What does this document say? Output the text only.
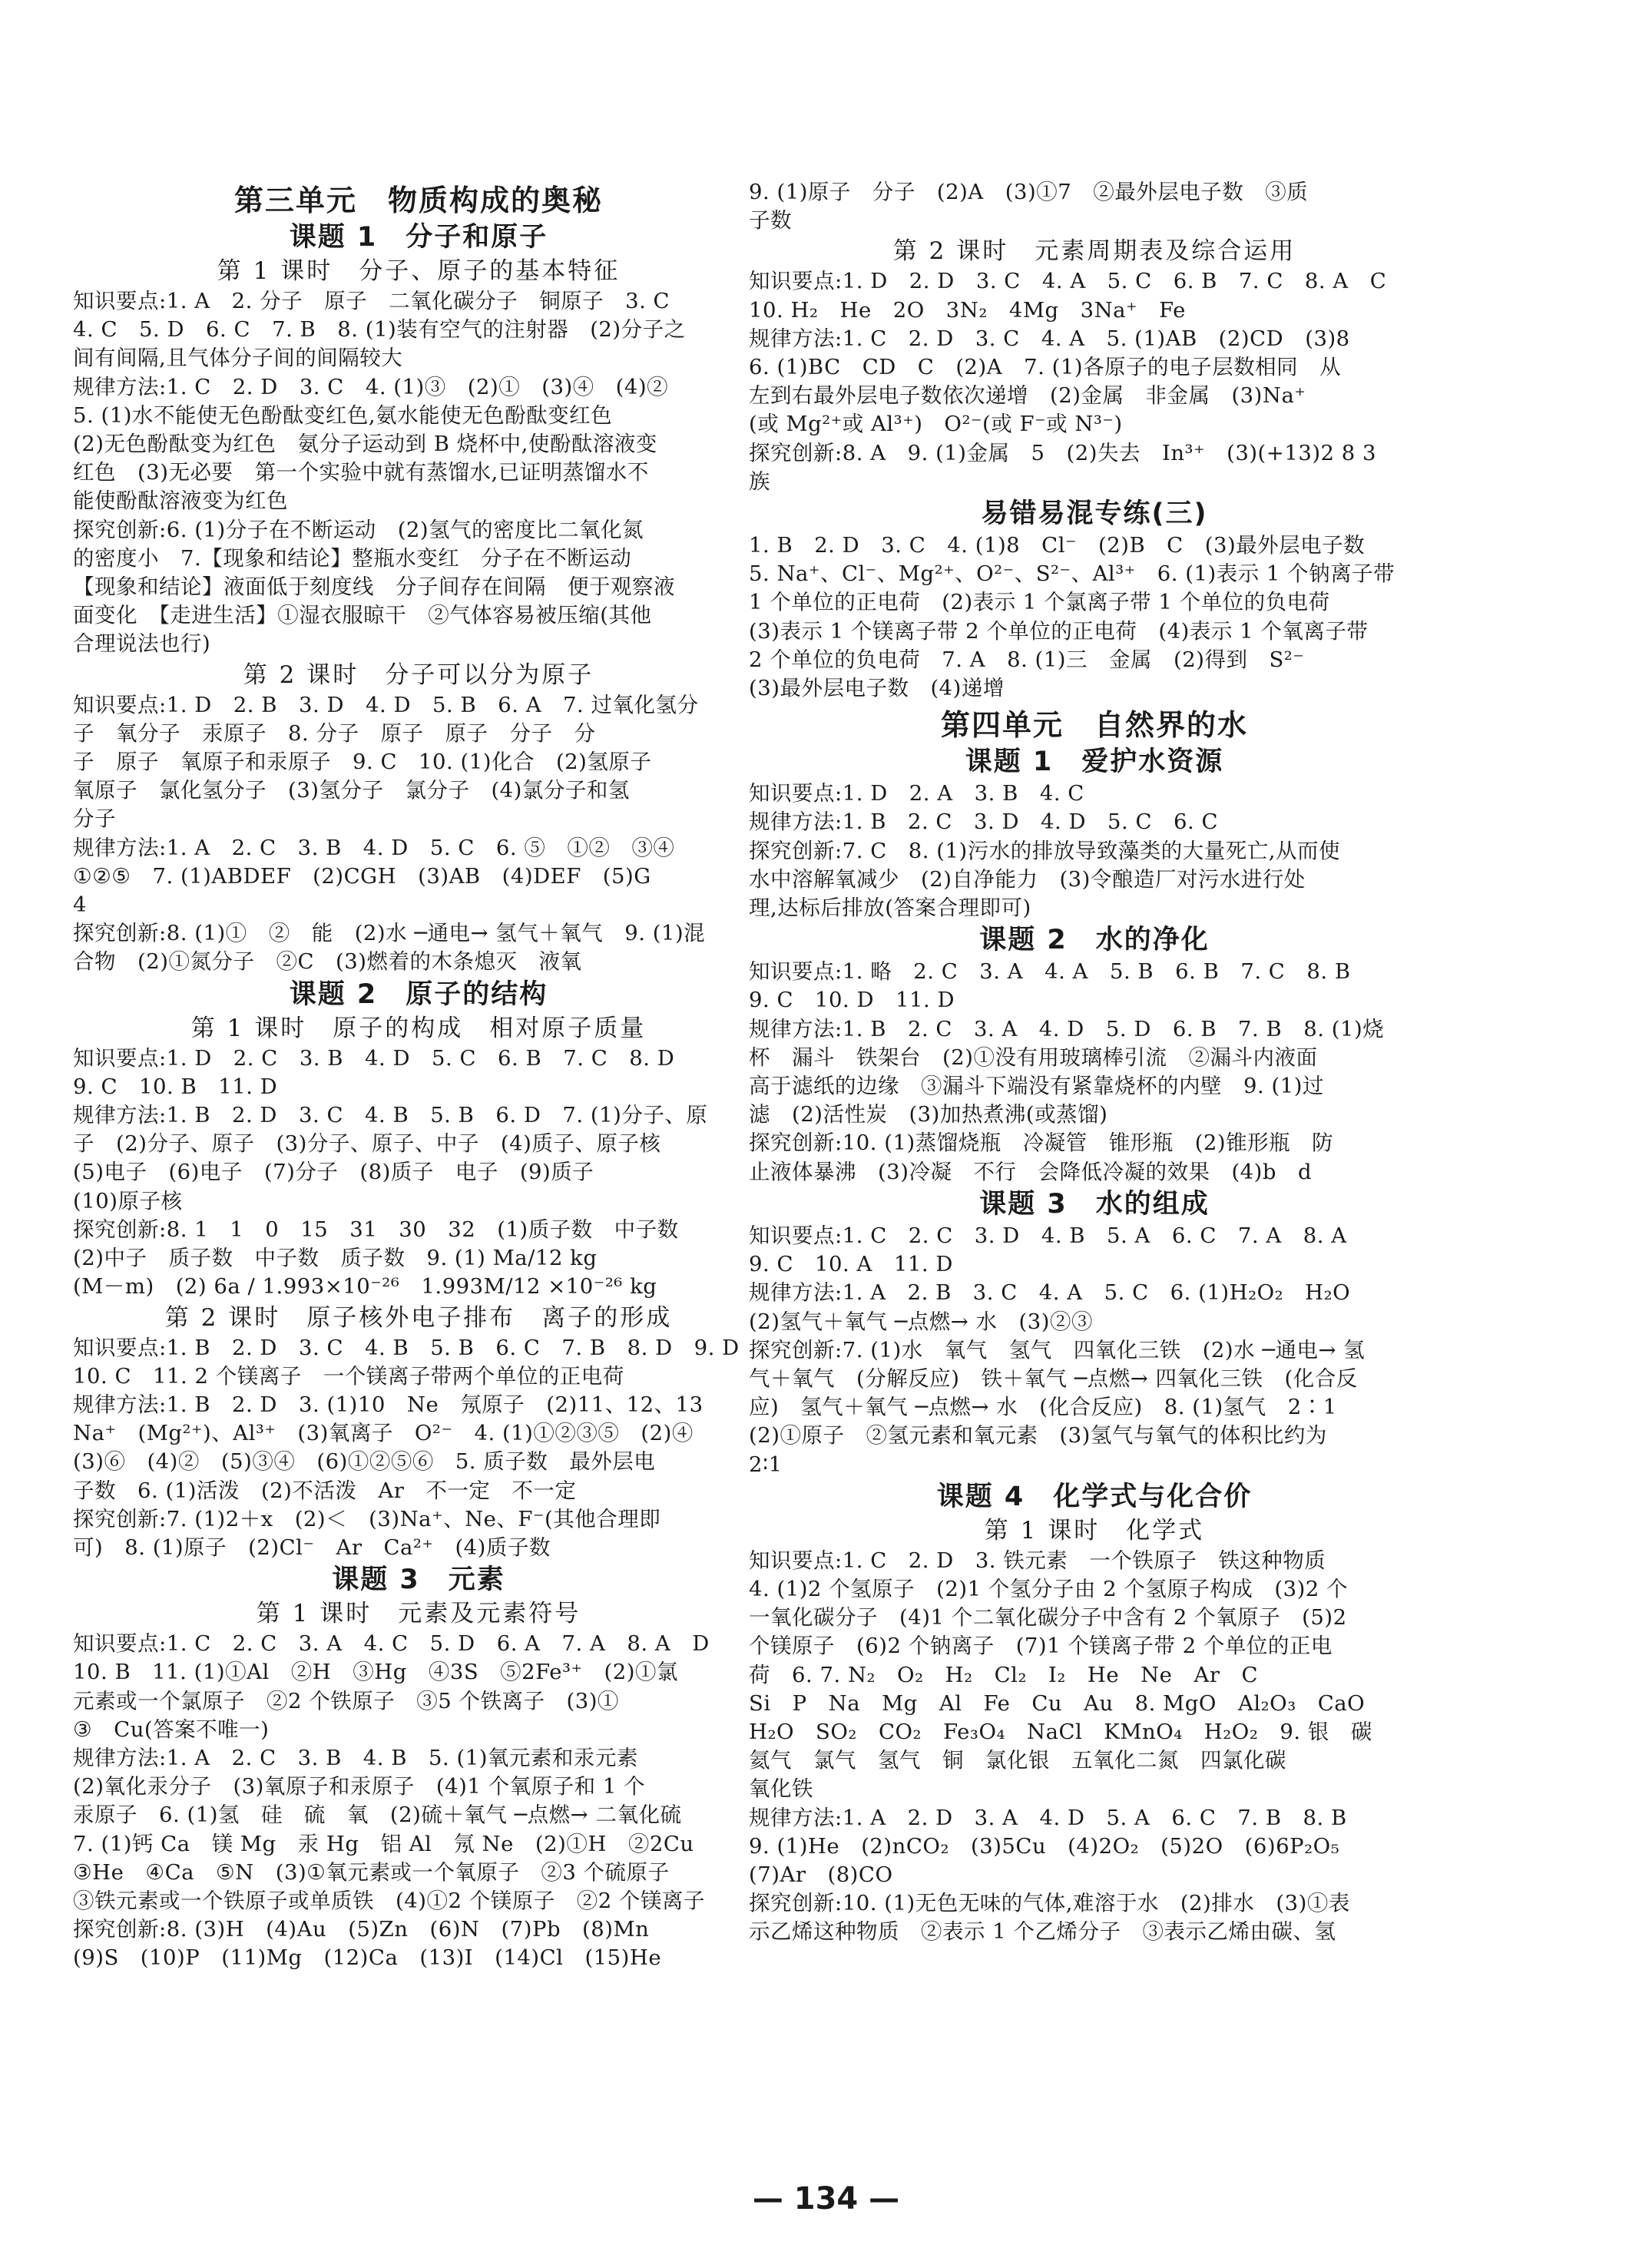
第三单元　物质构成的奥秘
课题 1　分子和原子
第 1 课时　分子、原子的基本特征
知识要点:1. A　2. 分子　原子　二氧化碳分子　铜原子　3. C
4. C　5. D　6. C　7. B　8. (1)装有空气的注射器　(2)分子之
间有间隔,且气体分子间的间隔较大
规律方法:1. C　2. D　3. C　4. (1)③　(2)①　(3)④　(4)②
5. (1)水不能使无色酚酞变红色,氨水能使无色酚酞变红色
(2)无色酚酞变为红色　氨分子运动到 B 烧杯中,使酚酞溶液变
红色　(3)无必要　第一个实验中就有蒸馏水,已证明蒸馏水不
能使酚酞溶液变为红色
探究创新:6. (1)分子在不断运动　(2)氢气的密度比二氧化氮
的密度小　7.【现象和结论】整瓶水变红　分子在不断运动
【现象和结论】液面低于刻度线　分子间存在间隔　便于观察液
面变化　【走进生活】①湿衣服晾干　②气体容易被压缩(其他
合理说法也行)
第 2 课时　分子可以分为原子
知识要点:1. D　2. B　3. D　4. D　5. B　6. A　7. 过氧化氢分
子　氧分子　汞原子　8. 分子　原子　原子　分子　分
子　原子　氧原子和汞原子　9. C　10. (1)化合　(2)氢原子
氧原子　氯化氢分子　(3)氢分子　氯分子　(4)氯分子和氢
分子
规律方法:1. A　2. C　3. B　4. D　5. C　6. ⑤　①②　③④
①②⑤　7. (1)ABDEF　(2)CGH　(3)AB　(4)DEF　(5)G
4
探究创新:8. (1)①　②　能　(2)水 ─通电→ 氢气＋氧气　9. (1)混
合物　(2)①氮分子　②C　(3)燃着的木条熄灭　液氧
课题 2　原子的结构
第 1 课时　原子的构成　相对原子质量
知识要点:1. D　2. C　3. B　4. D　5. C　6. B　7. C　8. D
9. C　10. B　11. D
规律方法:1. B　2. D　3. C　4. B　5. B　6. D　7. (1)分子、原
子　(2)分子、原子　(3)分子、原子、中子　(4)质子、原子核
(5)电子　(6)电子　(7)分子　(8)质子　电子　(9)质子
(10)原子核
探究创新:8. 1　1　0　15　31　30　32　(1)质子数　中子数
(2)中子　质子数　中子数　质子数　9. (1) Ma/12 kg
(M－m)　(2) 6a / 1.993×10⁻²⁶　1.993M/12 ×10⁻²⁶ kg
第 2 课时　原子核外电子排布　离子的形成
知识要点:1. B　2. D　3. C　4. B　5. B　6. C　7. B　8. D　9. D
10. C　11. 2 个镁离子　一个镁离子带两个单位的正电荷
规律方法:1. B　2. D　3. (1)10　Ne　氖原子　(2)11、12、13
Na⁺　(Mg²⁺)、Al³⁺　(3)氧离子　O²⁻　4. (1)①②③⑤　(2)④
(3)⑥　(4)②　(5)③④　(6)①②⑤⑥　5. 质子数　最外层电
子数　6. (1)活泼　(2)不活泼　Ar　不一定　不一定
探究创新:7. (1)2＋x　(2)＜　(3)Na⁺、Ne、F⁻(其他合理即
可)　8. (1)原子　(2)Cl⁻　Ar　Ca²⁺　(4)质子数
课题 3　元素
第 1 课时　元素及元素符号
知识要点:1. C　2. C　3. A　4. C　5. D　6. A　7. A　8. A　D
10. B　11. (1)①Al　②H　③Hg　④3S　⑤2Fe³⁺　(2)①氯
元素或一个氯原子　②2 个铁原子　③5 个铁离子　(3)①
③　Cu(答案不唯一)
规律方法:1. A　2. C　3. B　4. B　5. (1)氧元素和汞元素
(2)氧化汞分子　(3)氧原子和汞原子　(4)1 个氧原子和 1 个
汞原子　6. (1)氢　硅　硫　氧　(2)硫＋氧气 ─点燃→ 二氧化硫
7. (1)钙 Ca　镁 Mg　汞 Hg　铝 Al　氖 Ne　(2)①H　②2Cu
③He　④Ca　⑤N　(3)①氧元素或一个氧原子　②3 个硫原子
③铁元素或一个铁原子或单质铁　(4)①2 个镁原子　②2 个镁离子
探究创新:8. (3)H　(4)Au　(5)Zn　(6)N　(7)Pb　(8)Mn
(9)S　(10)P　(11)Mg　(12)Ca　(13)I　(14)Cl　(15)He
9. (1)原子　分子　(2)A　(3)①7　②最外层电子数　③质
子数
第 2 课时　元素周期表及综合运用
知识要点:1. D　2. D　3. C　4. A　5. C　6. B　7. C　8. A　C
10. H₂　He　2O　3N₂　4Mg　3Na⁺　Fe
规律方法:1. C　2. D　3. C　4. A　5. (1)AB　(2)CD　(3)8
6. (1)BC　CD　C　(2)A　7. (1)各原子的电子层数相同　从
左到右最外层电子数依次递增　(2)金属　非金属　(3)Na⁺
(或 Mg²⁺或 Al³⁺)　O²⁻(或 F⁻或 N³⁻)
探究创新:8. A　9. (1)金属　5　(2)失去　In³⁺　(3)(+13)2 8 3
族
易错易混专练(三)
1. B　2. D　3. C　4. (1)8　Cl⁻　(2)B　C　(3)最外层电子数
5. Na⁺、Cl⁻、Mg²⁺、O²⁻、S²⁻、Al³⁺　6. (1)表示 1 个钠离子带
1 个单位的正电荷　(2)表示 1 个氯离子带 1 个单位的负电荷
(3)表示 1 个镁离子带 2 个单位的正电荷　(4)表示 1 个氧离子带
2 个单位的负电荷　7. A　8. (1)三　金属　(2)得到　S²⁻
(3)最外层电子数　(4)递增
第四单元　自然界的水
课题 1　爱护水资源
知识要点:1. D　2. A　3. B　4. C
规律方法:1. B　2. C　3. D　4. D　5. C　6. C
探究创新:7. C　8. (1)污水的排放导致藻类的大量死亡,从而使
水中溶解氧减少　(2)自净能力　(3)令酿造厂对污水进行处
理,达标后排放(答案合理即可)
课题 2　水的净化
知识要点:1. 略　2. C　3. A　4. A　5. B　6. B　7. C　8. B
9. C　10. D　11. D
规律方法:1. B　2. C　3. A　4. D　5. D　6. B　7. B　8. (1)烧
杯　漏斗　铁架台　(2)①没有用玻璃棒引流　②漏斗内液面
高于滤纸的边缘　③漏斗下端没有紧靠烧杯的内壁　9. (1)过
滤　(2)活性炭　(3)加热煮沸(或蒸馏)
探究创新:10. (1)蒸馏烧瓶　冷凝管　锥形瓶　(2)锥形瓶　防
止液体暴沸　(3)冷凝　不行　会降低冷凝的效果　(4)b　d
课题 3　水的组成
知识要点:1. C　2. C　3. D　4. B　5. A　6. C　7. A　8. A
9. C　10. A　11. D
规律方法:1. A　2. B　3. C　4. A　5. C　6. (1)H₂O₂　H₂O
(2)氢气＋氧气 ─点燃→ 水　(3)②③
探究创新:7. (1)水　氧气　氢气　四氧化三铁　(2)水 ─通电→ 氢
气＋氧气　(分解反应)　铁＋氧气 ─点燃→ 四氧化三铁　(化合反
应)　氢气＋氧气 ─点燃→ 水　(化合反应)　8. (1)氢气　2∶1
(2)①原子　②氢元素和氧元素　(3)氢气与氧气的体积比约为
2∶1
课题 4　化学式与化合价
第 1 课时　化学式
知识要点:1. C　2. D　3. 铁元素　一个铁原子　铁这种物质
4. (1)2 个氢原子　(2)1 个氢分子由 2 个氢原子构成　(3)2 个
一氧化碳分子　(4)1 个二氧化碳分子中含有 2 个氧原子　(5)2
个镁原子　(6)2 个钠离子　(7)1 个镁离子带 2 个单位的正电
荷　6. 7. N₂　O₂　H₂　Cl₂　I₂　He　Ne　Ar　C
Si　P　Na　Mg　Al　Fe　Cu　Au　8. MgO　Al₂O₃　CaO
H₂O　SO₂　CO₂　Fe₃O₄　NaCl　KMnO₄　H₂O₂　9. 银　碳
氦气　氯气　氢气　铜　氯化银　五氧化二氮　四氯化碳
氧化铁
规律方法:1. A　2. D　3. A　4. D　5. A　6. C　7. B　8. B
9. (1)He　(2)nCO₂　(3)5Cu　(4)2O₂　(5)2O　(6)6P₂O₅
(7)Ar　(8)CO
探究创新:10. (1)无色无味的气体,难溶于水　(2)排水　(3)①表
示乙烯这种物质　②表示 1 个乙烯分子　③表示乙烯由碳、氢
— 134 —
